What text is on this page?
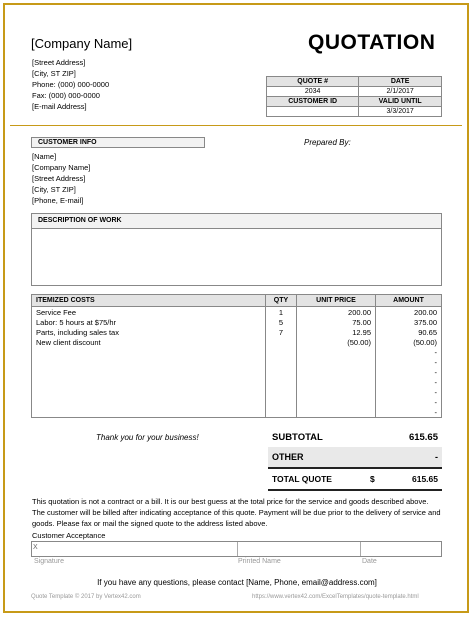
[Company Name]
[Street Address]
[City, ST ZIP]
Phone: (000) 000-0000
Fax: (000) 000-0000
[E-mail Address]
QUOTATION
QUOTE #	DATE
2034	2/1/2017
CUSTOMER ID	VALID UNTIL
	3/3/2017
CUSTOMER INFO
[Name]
[Company Name]
[Street Address]
[City, ST ZIP]
[Phone, E-mail]
Prepared By:
DESCRIPTION OF WORK
ITEMIZED COSTS	QTY	UNIT PRICE	AMOUNT
Service Fee	1	200.00	200.00
Labor: 5 hours at $75/hr	5	75.00	375.00
Parts, including sales tax	7	12.95	90.65
New client discount		(50.00)	(50.00)
			-
			-
			-
			-
			-
			-
			-
Thank you for your business!	SUBTOTAL		615.65
OTHER		-
TOTAL QUOTE	$	615.65
This quotation is not a contract or a bill. It is our best guess at the total price for the service and goods described above. The customer will be billed after indicating acceptance of this quote. Payment will be due prior to the delivery of service and goods. Please fax or mail the signed quote to the address listed above.
Customer Acceptance
X
Signature	Printed Name	Date
If you have any questions, please contact [Name, Phone, email@address.com]
Quote Template © 2017 by Vertex42.com	https://www.vertex42.com/ExcelTemplates/quote-template.html
